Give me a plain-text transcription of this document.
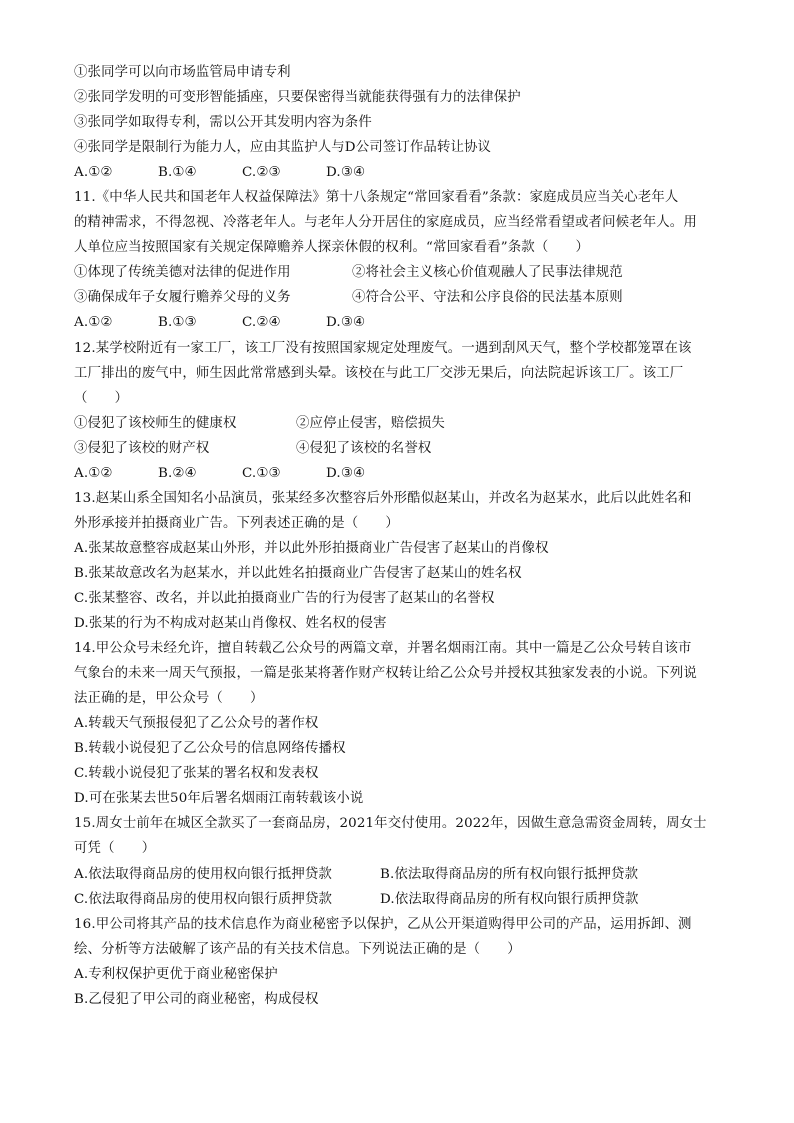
①张同学可以向市场监管局申请专利
②张同学发明的可变形智能插座，只要保密得当就能获得强有力的法律保护
③张同学如取得专利，需以公开其发明内容为条件
④张同学是限制行为能力人，应由其监护人与D公司签订作品转让协议
A.①②	B.①④	C.②③	D.③④
11.《中华人民共和国老年人权益保障法》第十八条规定“常回家看看”条款：家庭成员应当关心老年人
的精神需求，不得忽视、冷落老年人。与老年人分开居住的家庭成员，应当经常看望或者问候老年人。用
人单位应当按照国家有关规定保障赡养人探亲休假的权利。“常回家看看”条款（　　）
①体现了传统美德对法律的促进作用	②将社会主义核心价值观融人了民事法律规范
③确保成年子女履行赡养父母的义务	④符合公平、守法和公序良俗的民法基本原则
A.①②	B.①③	C.②④	D.③④
12.某学校附近有一家工厂，该工厂没有按照国家规定处理废气。一遇到刮风天气，整个学校都笼罩在该
工厂排出的废气中，师生因此常常感到头晕。该校在与此工厂交涉无果后，向法院起诉该工厂。该工厂
（　　）
①侵犯了该校师生的健康权	②应停止侵害，赔偿损失
③侵犯了该校的财产权	④侵犯了该校的名誉权
A.①②	B.②④	C.①③	D.③④
13.赵某山系全国知名小品演员，张某经多次整容后外形酷似赵某山，并改名为赵某水，此后以此姓名和
外形承接并拍摄商业广告。下列表述正确的是（　　）
A.张某故意整容成赵某山外形，并以此外形拍摄商业广告侵害了赵某山的肖像权
B.张某故意改名为赵某水，并以此姓名拍摄商业广告侵害了赵某山的姓名权
C.张某整容、改名，并以此拍摄商业广告的行为侵害了赵某山的名誉权
D.张某的行为不构成对赵某山肖像权、姓名权的侵害
14.甲公众号未经允许，擅自转载乙公众号的两篇文章，并署名烟雨江南。其中一篇是乙公众号转自该市
气象台的未来一周天气预报，一篇是张某将著作财产权转让给乙公众号并授权其独家发表的小说。下列说
法正确的是，甲公众号（　　）
A.转载天气预报侵犯了乙公众号的著作权
B.转载小说侵犯了乙公众号的信息网络传播权
C.转载小说侵犯了张某的署名权和发表权
D.可在张某去世50年后署名烟雨江南转载该小说
15.周女士前年在城区全款买了一套商品房，2021年交付使用。2022年，因做生意急需资金周转，周女士
可凭（　　）
A.依法取得商品房的使用权向银行抵押贷款	B.依法取得商品房的所有权向银行抵押贷款
C.依法取得商品房的使用权向银行质押贷款	D.依法取得商品房的所有权向银行质押贷款
16.甲公司将其产品的技术信息作为商业秘密予以保护，乙从公开渠道购得甲公司的产品，运用拆卸、测
绘、分析等方法破解了该产品的有关技术信息。下列说法正确的是（　　）
A.专利权保护更优于商业秘密保护
B.乙侵犯了甲公司的商业秘密，构成侵权
